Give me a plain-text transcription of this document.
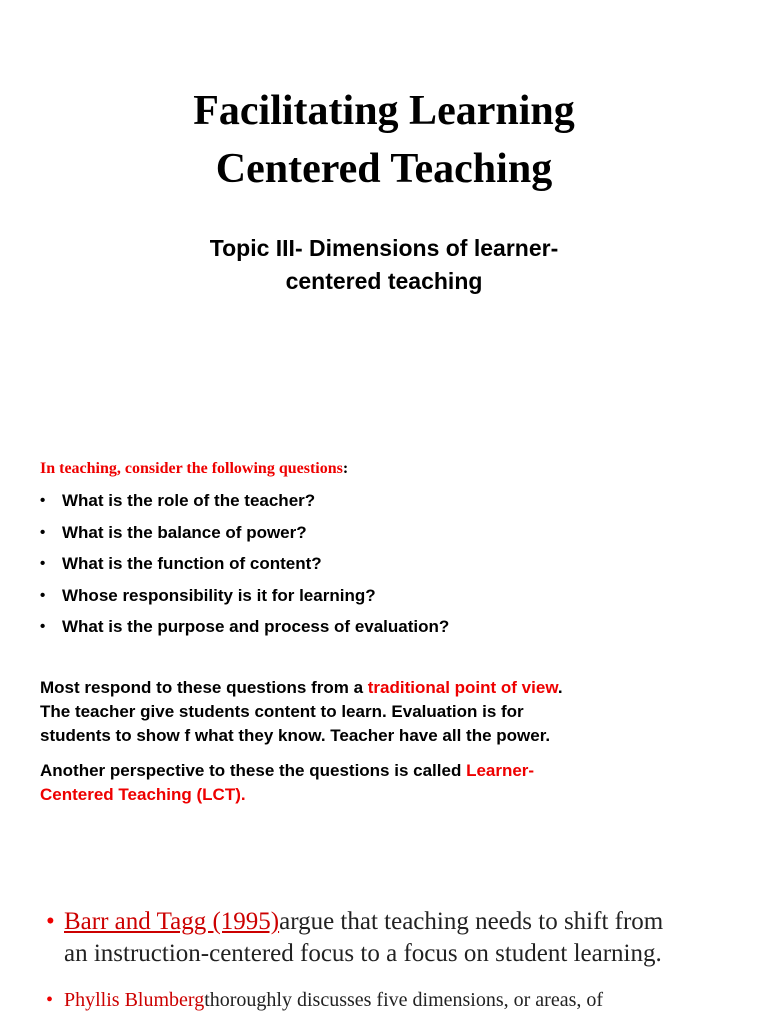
Facilitating Learning
Centered Teaching
Topic III- Dimensions of learner-
centered teaching
In teaching, consider the following questions:
• What is the role of the teacher?
• What is the balance of power?
• What is the function of content?
• Whose responsibility is it for learning?
• What is the purpose and process of evaluation?
Most respond to these questions from a traditional point of view.
The teacher give students content to learn. Evaluation is for
students to show f what they know. Teacher have all the power.
Another perspective to these the questions is called Learner-
Centered Teaching (LCT).
• Barr and Tagg (1995) argue that teaching needs to shift from
an instruction-centered focus to a focus on student learning.
• Phyllis Blumberg thoroughly discusses five dimensions, or areas, of
